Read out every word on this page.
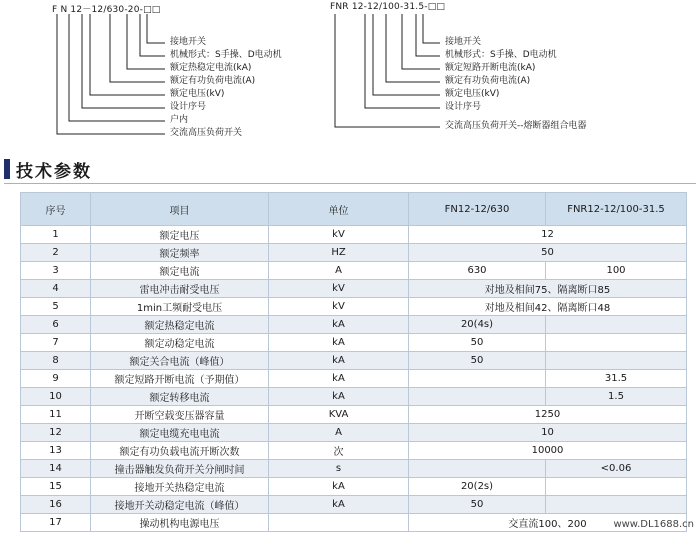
F N 12－12/630-20-□□
接地开关
机械形式：S手操、D电动机
额定热稳定电流(kA)
额定有功负荷电流(A)
额定电压(kV)
设计序号
户内
交流高压负荷开关
FNR 12-12/100-31.5-□□
接地开关
机械形式：S手操、D电动机
额定短路开断电流(kA)
额定有功负荷电流(A)
额定电压(kV)
设计序号
交流高压负荷开关--熔断器组合电器
技术参数
序号	项目	单位	FN12-12/630	FNR12-12/100-31.5
1	额定电压	kV	12	
2	额定频率	HZ	50	
3	额定电流	A	630	100
4	雷电冲击耐受电压	kV	对地及相间75、隔离断口85	
5	1min工频耐受电压	kV	对地及相间42、隔离断口48	
6	额定热稳定电流	kA	20(4s)	
7	额定动稳定电流	kA	50	
8	额定关合电流（峰值）	kA	50	
9	额定短路开断电流（予期值）	kA		31.5
10	额定转移电流	kA		1.5
11	开断空载变压器容量	KVA	1250	
12	额定电缆充电电流	A	10	
13	额定有功负载电流开断次数	次	10000	
14	撞击器触发负荷开关分闸时间	s		<0.06
15	接地开关热稳定电流	kA	20(2s)	
16	接地开关动稳定电流（峰值）	kA	50	
17	操动机构电源电压		交直流100、200		www.DL1688.cn
